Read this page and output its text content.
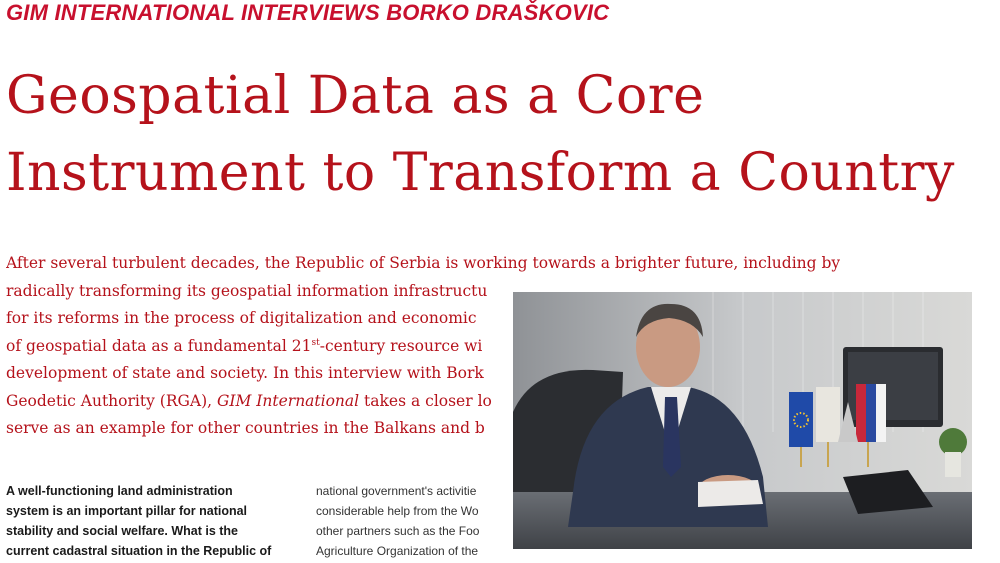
GIM INTERNATIONAL INTERVIEWS BORKO DRAŠKOVIC
Geospatial Data as a Core
Instrument to Transform a Country
After several turbulent decades, the Republic of Serbia is working towards a brighter future, including by
radically transforming its geospatial information infrastructu
for its reforms in the process of digitalization and economic
of geospatial data as a fundamental 21st-century resource wi
development of state and society. In this interview with Bork
Geodetic Authority (RGA), GIM International takes a closer lo
serve as an example for other countries in the Balkans and b
A well-functioning land administration
system is an important pillar for national
stability and social welfare. What is the
current cadastral situation in the Republic of
national government's activitie
considerable help from the Wo
other partners such as the Foo
Agriculture Organization of the
